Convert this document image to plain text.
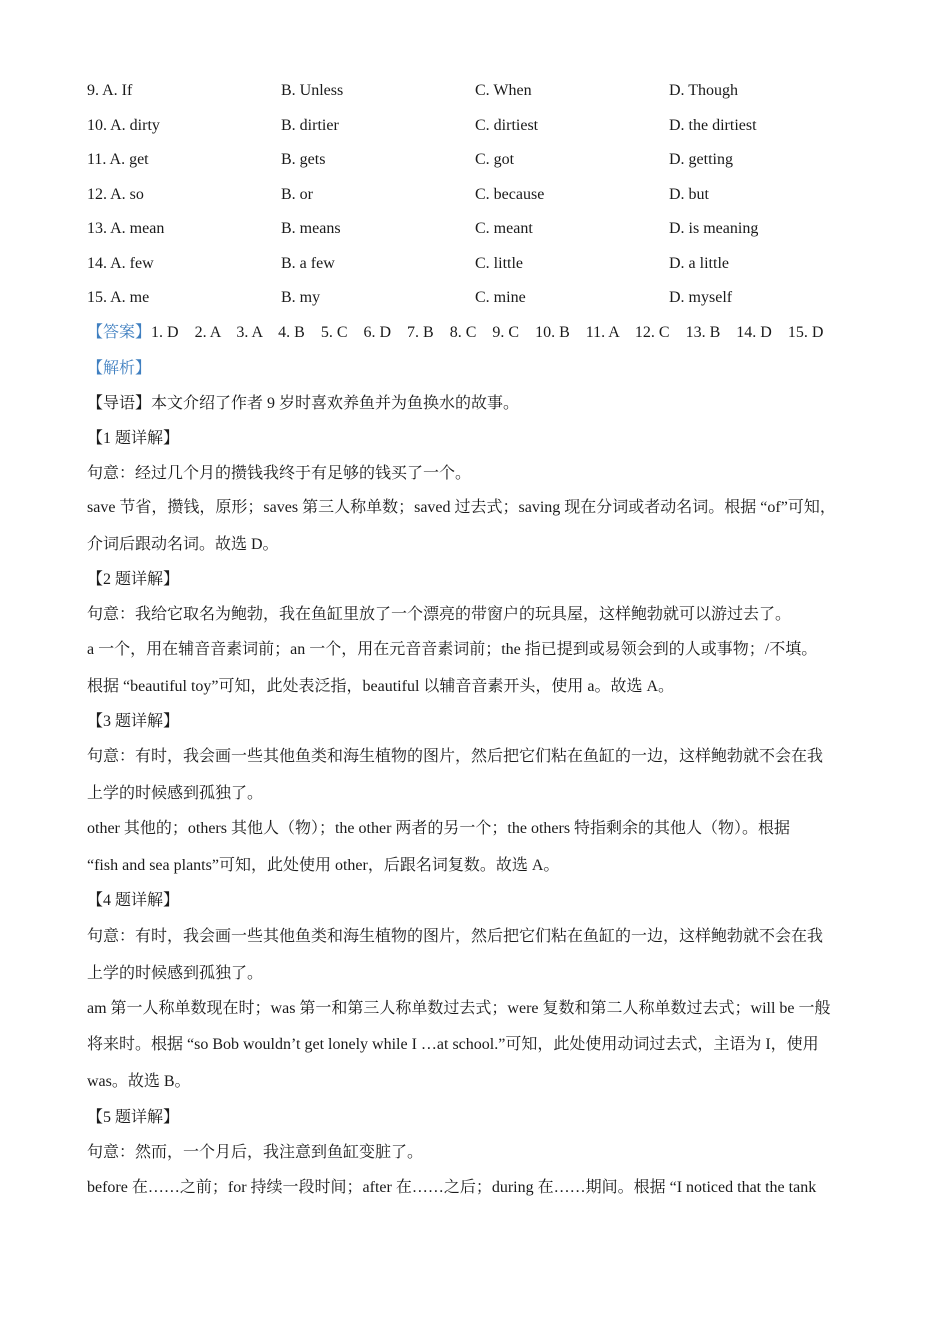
9. A. If	B. Unless	C. When	D. Though
10. A. dirty	B. dirtier	C. dirtiest	D. the dirtiest
11. A. get	B. gets	C. got	D. getting
12. A. so	B. or	C. because	D. but
13. A. mean	B. means	C. meant	D. is meaning
14. A. few	B. a few	C. little	D. a little
15. A. me	B. my	C. mine	D. myself
【答案】1. D    2. A    3. A    4. B    5. C    6. D    7. B    8. C    9. C    10. B    11. A    12. C    13. B    14. D    15. D
【解析】
【导语】本文介绍了作者 9 岁时喜欢养鱼并为鱼换水的故事。
【1 题详解】
句意：经过几个月的攒钱我终于有足够的钱买了一个。
save 节省，攒钱，原形；saves 第三人称单数；saved 过去式；saving 现在分词或者动名词。根据 “of”可知，
介词后跟动名词。故选 D。
【2 题详解】
句意：我给它取名为鲍勃，我在鱼缸里放了一个漂亮的带窗户的玩具屋，这样鲍勃就可以游过去了。
a 一个，用在辅音音素词前；an 一个，用在元音音素词前；the 指已提到或易领会到的人或事物；/不填。
根据 “beautiful toy”可知，此处表泛指，beautiful 以辅音音素开头，使用 a。故选 A。
【3 题详解】
句意：有时，我会画一些其他鱼类和海生植物的图片，然后把它们粘在鱼缸的一边，这样鲍勃就不会在我
上学的时候感到孤独了。
other 其他的；others 其他人（物）；the other 两者的另一个；the others 特指剩余的其他人（物）。根据
“fish and sea plants”可知，此处使用 other，后跟名词复数。故选 A。
【4 题详解】
句意：有时，我会画一些其他鱼类和海生植物的图片，然后把它们粘在鱼缸的一边，这样鲍勃就不会在我
上学的时候感到孤独了。
am 第一人称单数现在时；was 第一和第三人称单数过去式；were 复数和第二人称单数过去式；will be 一般
将来时。根据 “so Bob wouldn’t get lonely while I …at school.”可知，此处使用动词过去式，主语为 I，使用
was。故选 B。
【5 题详解】
句意：然而，一个月后，我注意到鱼缸变脏了。
before 在……之前；for 持续一段时间；after 在……之后；during 在……期间。根据 “I noticed that the tank
